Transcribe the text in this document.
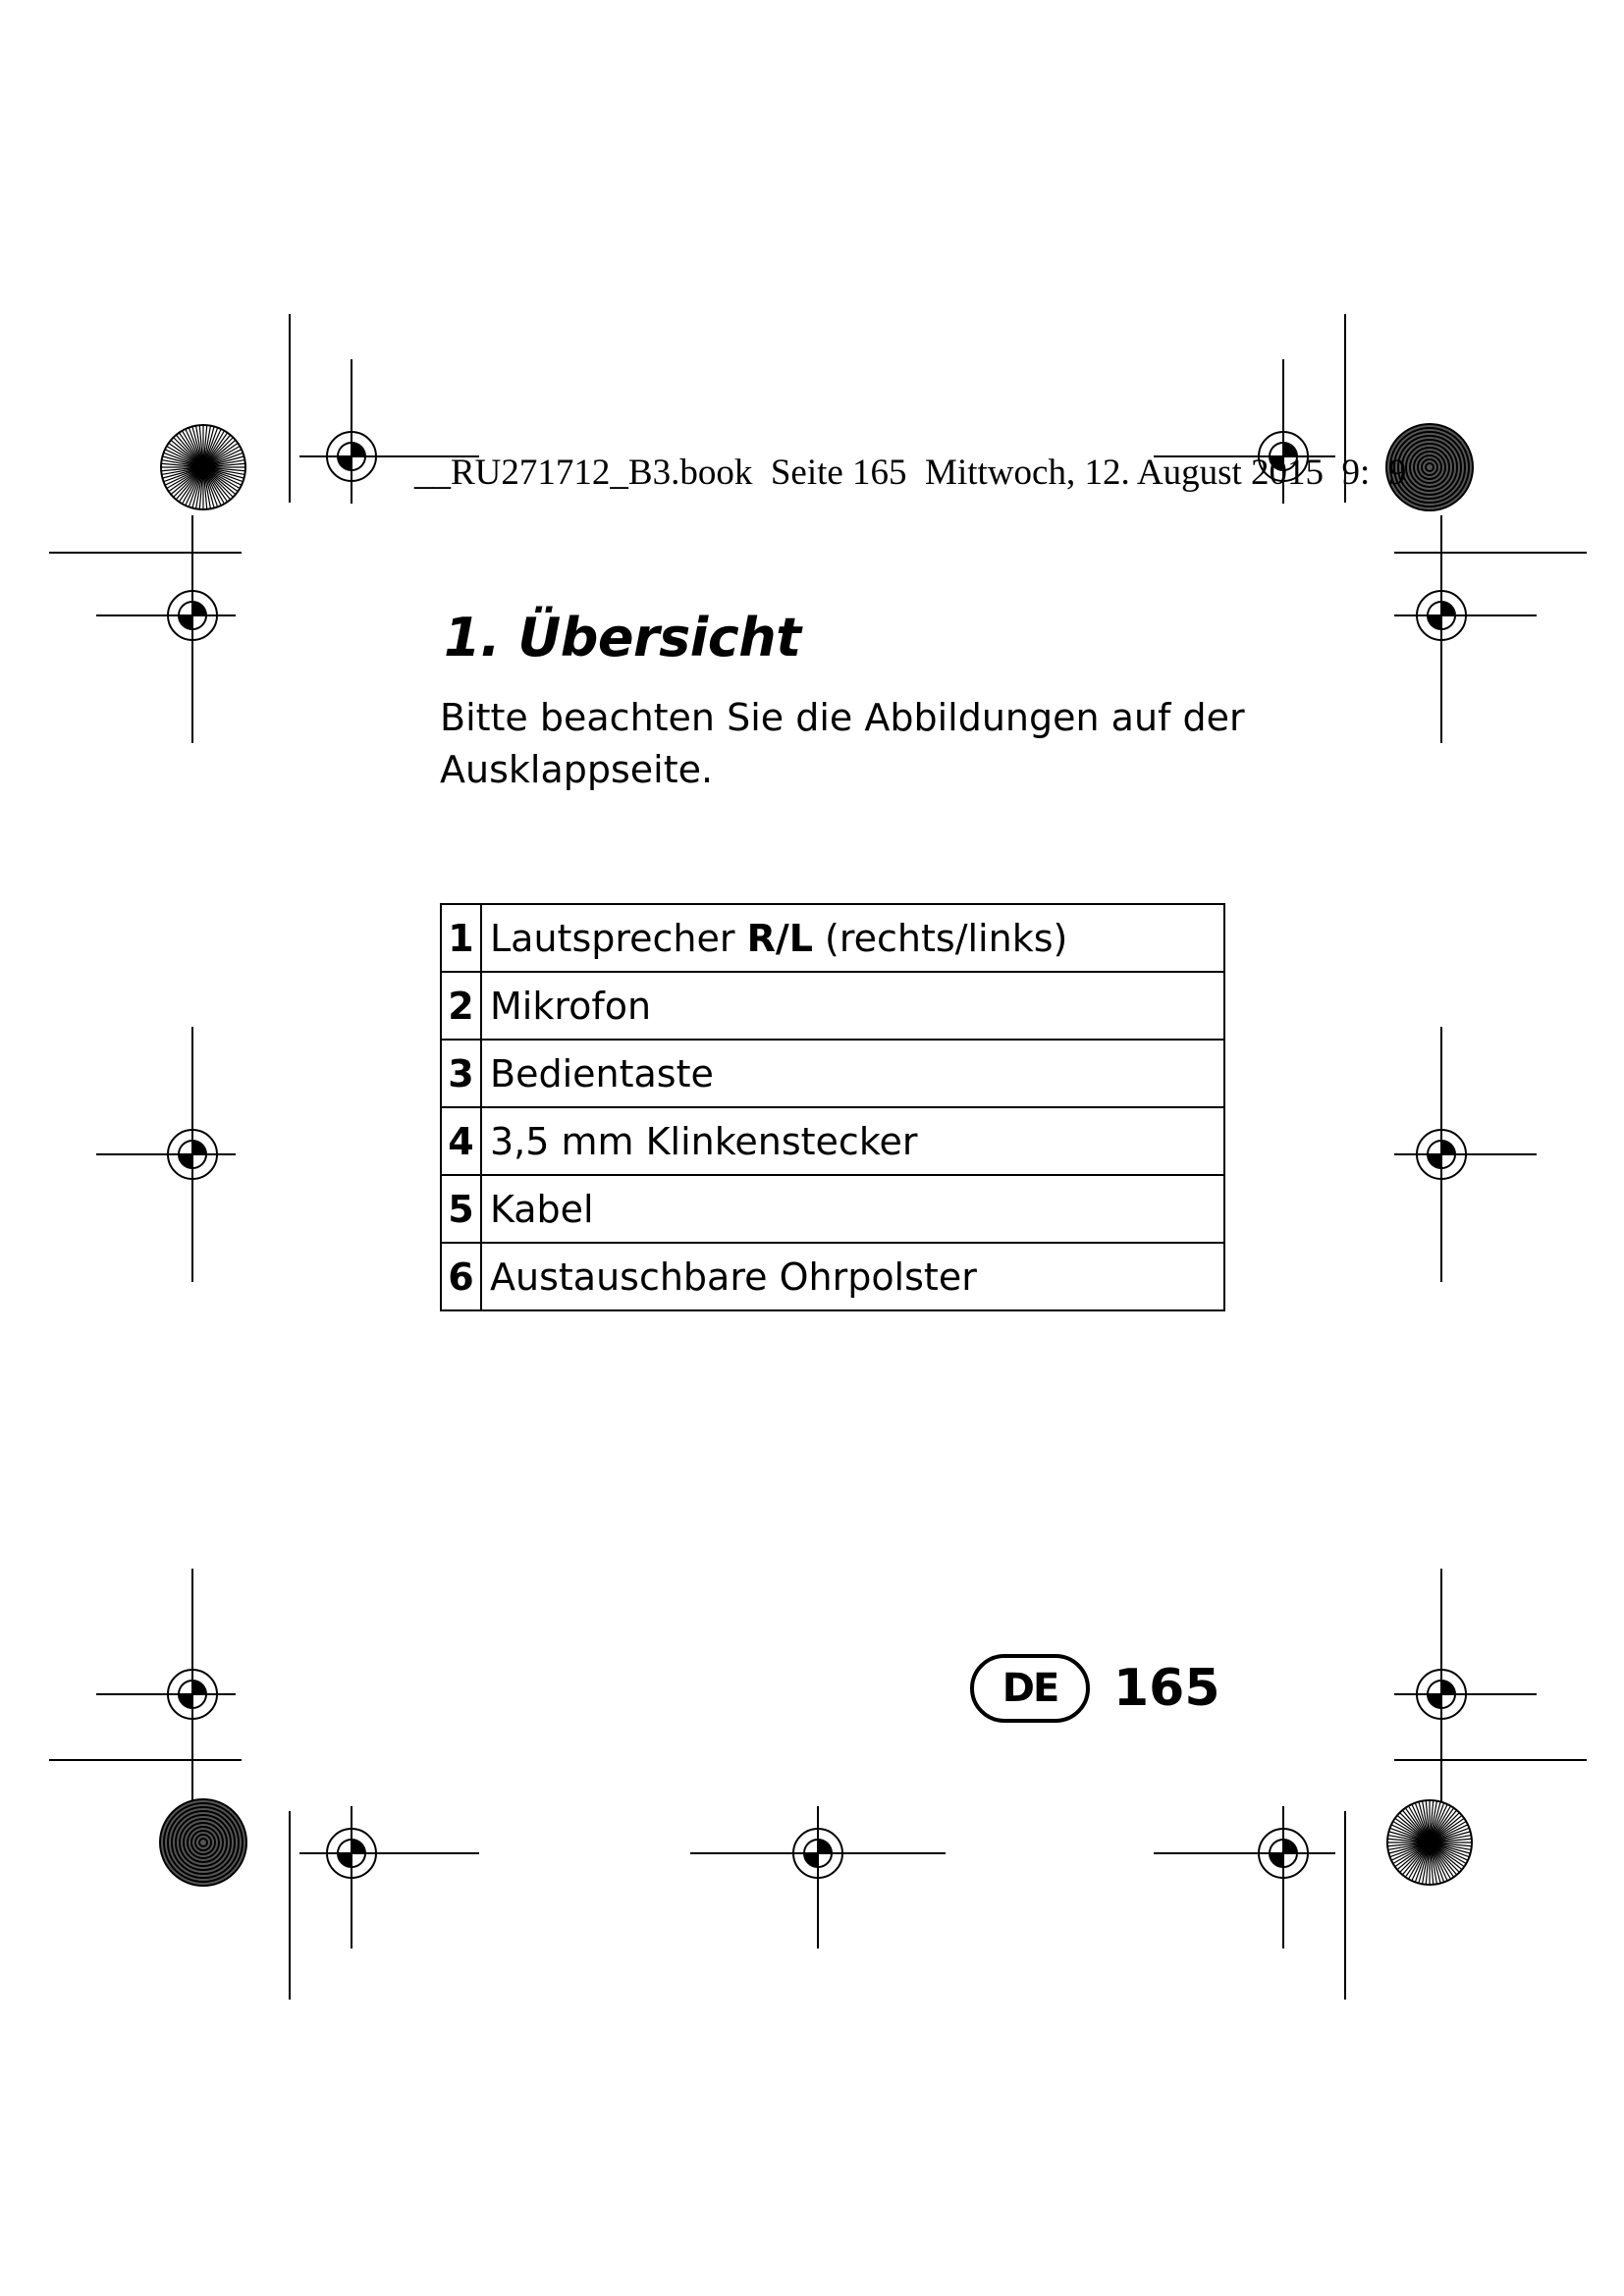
__RU271712_B3.book  Seite 165  Mittwoch, 12. August 2015  9:  9
1. Übersicht

Bitte beachten Sie die Abbildungen auf der Ausklappseite.

1	Lautsprecher R/L (rechts/links)
2	Mikrofon
3	Bedientaste
4	3,5 mm Klinkenstecker
5	Kabel
6	Austauschbare Ohrpolster
DE	165
